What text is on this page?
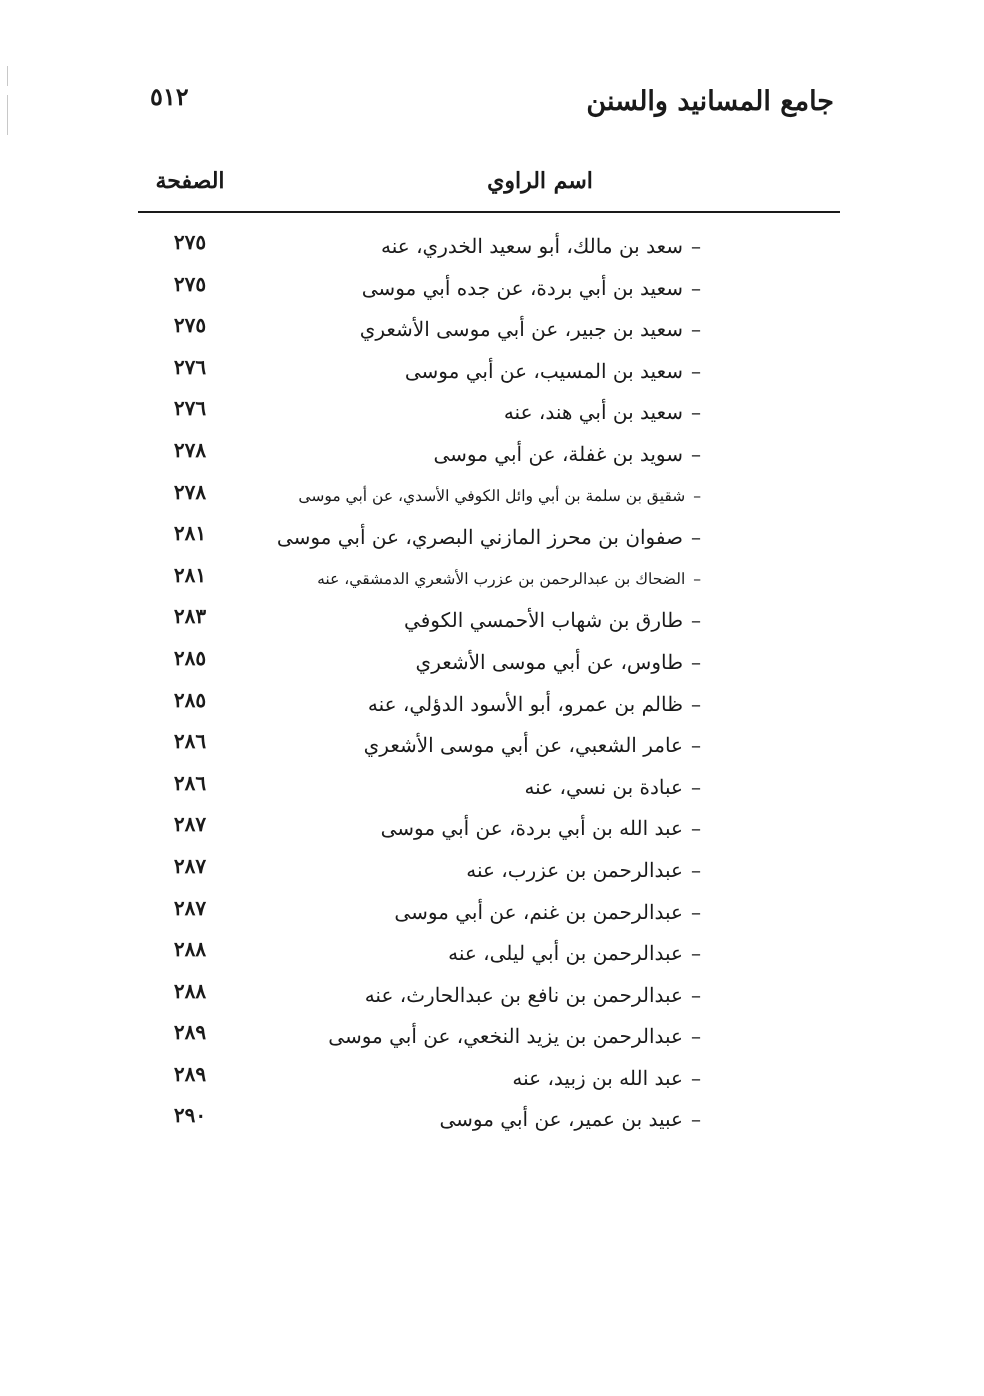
جامع المسانيد والسنن
٥١٢
اسم الراوي
الصفحة
–سعد بن مالك، أبو سعيد الخدري، عنه
٢٧٥
–سعيد بن أبي بردة، عن جده أبي موسى
٢٧٥
–سعيد بن جبير، عن أبي موسى الأشعري
٢٧٥
–سعيد بن المسيب، عن أبي موسى
٢٧٦
–سعيد بن أبي هند، عنه
٢٧٦
–سويد بن غفلة، عن أبي موسى
٢٧٨
–شقيق بن سلمة بن أبي وائل الكوفي الأسدي، عن أبي موسى
٢٧٨
–صفوان بن محرز المازني البصري، عن أبي موسى
٢٨١
–الضحاك بن عبدالرحمن بن عزرب الأشعري الدمشقي، عنه
٢٨١
–طارق بن شهاب الأحمسي الكوفي
٢٨٣
–طاوس، عن أبي موسى الأشعري
٢٨٥
–ظالم بن عمرو، أبو الأسود الدؤلي، عنه
٢٨٥
–عامر الشعبي، عن أبي موسى الأشعري
٢٨٦
–عبادة بن نسي، عنه
٢٨٦
–عبد الله بن أبي بردة، عن أبي موسى
٢٨٧
–عبدالرحمن بن عزرب، عنه
٢٨٧
–عبدالرحمن بن غنم، عن أبي موسى
٢٨٧
–عبدالرحمن بن أبي ليلى، عنه
٢٨٨
–عبدالرحمن بن نافع بن عبدالحارث، عنه
٢٨٨
–عبدالرحمن بن يزيد النخعي، عن أبي موسى
٢٨٩
–عبد الله بن زبيد، عنه
٢٨٩
–عبيد بن عمير، عن أبي موسى
٢٩٠
